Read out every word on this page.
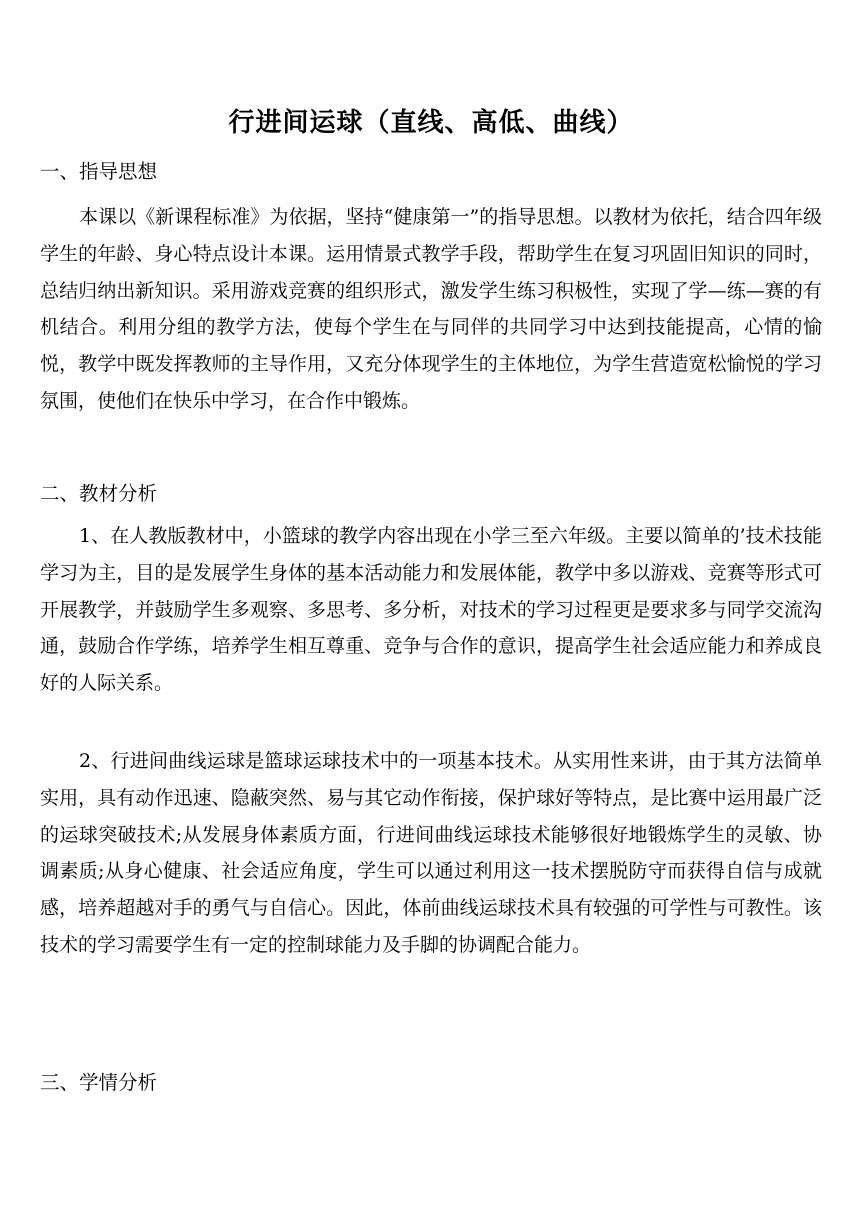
行进间运球（直线、高低、曲线）
一、指导思想

本课以《新课程标准》为依据，坚持“健康第一”的指导思想。以教材为依托，结合四年级学生的年龄、身心特点设计本课。运用情景式教学手段，帮助学生在复习巩固旧知识的同时，总结归纳出新知识。采用游戏竞赛的组织形式，激发学生练习积极性，实现了学—练—赛的有机结合。利用分组的教学方法，使每个学生在与同伴的共同学习中达到技能提高，心情的愉悦，教学中既发挥教师的主导作用，又充分体现学生的主体地位，为学生营造宽松愉悦的学习氛围，使他们在快乐中学习，在合作中锻炼。

二、教材分析

1、在人教版教材中，小篮球的教学内容出现在小学三至六年级。主要以简单的’技术技能学习为主，目的是发展学生身体的基本活动能力和发展体能，教学中多以游戏、竞赛等形式可开展教学，并鼓励学生多观察、多思考、多分析，对技术的学习过程更是要求多与同学交流沟通，鼓励合作学练，培养学生相互尊重、竞争与合作的意识，提高学生社会适应能力和养成良好的人际关系。

2、行进间曲线运球是篮球运球技术中的一项基本技术。从实用性来讲，由于其方法简单实用，具有动作迅速、隐蔽突然、易与其它动作衔接，保护球好等特点，是比赛中运用最广泛的运球突破技术;从发展身体素质方面，行进间曲线运球技术能够很好地锻炼学生的灵敏、协调素质;从身心健康、社会适应角度，学生可以通过利用这一技术摆脱防守而获得自信与成就感，培养超越对手的勇气与自信心。因此，体前曲线运球技术具有较强的可学性与可教性。该技术的学习需要学生有一定的控制球能力及手脚的协调配合能力。

三、学情分析
